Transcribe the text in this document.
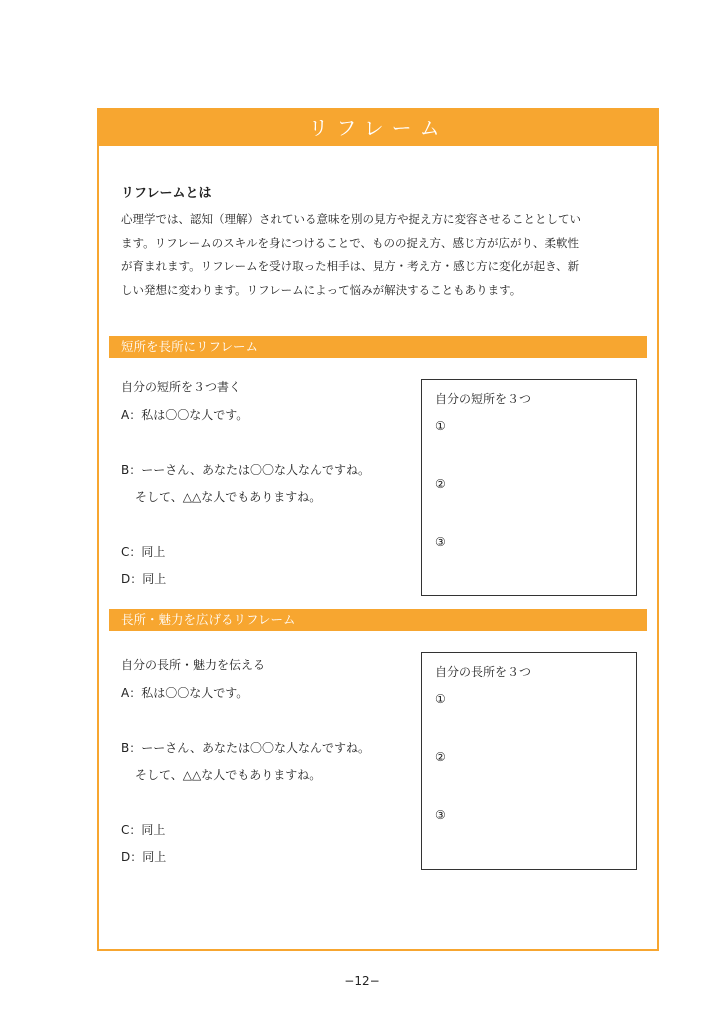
リフレーム
リフレームとは
心理学では、認知（理解）されている意味を別の見方や捉え方に変容させることとしてい
ます。リフレームのスキルを身につけることで、ものの捉え方、感じ方が広がり、柔軟性
が育まれます。リフレームを受け取った相手は、見方・考え方・感じ方に変化が起き、新
しい発想に変わります。リフレームによって悩みが解決することもあります。
短所を長所にリフレーム
自分の短所を３つ書く
A：私は〇〇な人です。
B：ーーさん、あなたは〇〇な人なんですね。
そして、△△な人でもありますね。
C：同上
D：同上
自分の短所を３つ
①
②
③
長所・魅力を広げるリフレーム
自分の長所・魅力を伝える
A：私は〇〇な人です。
B：ーーさん、あなたは〇〇な人なんですね。
そして、△△な人でもありますね。
C：同上
D：同上
自分の長所を３つ
①
②
③
−12−
